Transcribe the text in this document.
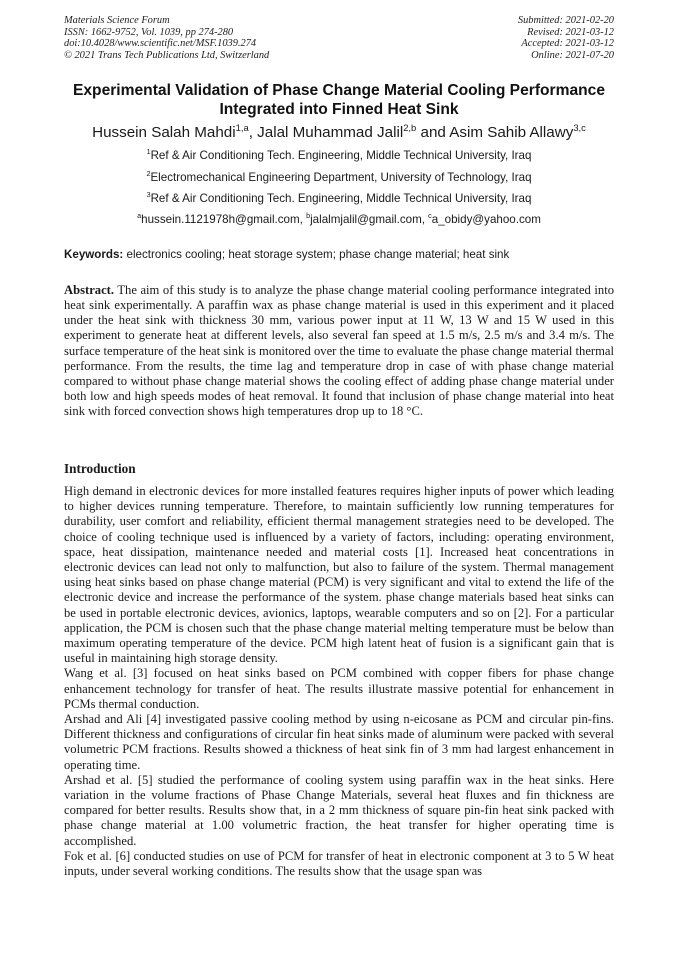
Materials Science Forum
ISSN: 1662-9752, Vol. 1039, pp 274-280
doi:10.4028/www.scientific.net/MSF.1039.274
© 2021 Trans Tech Publications Ltd, Switzerland
Submitted: 2021-02-20
Revised: 2021-03-12
Accepted: 2021-03-12
Online: 2021-07-20
Experimental Validation of Phase Change Material Cooling Performance
Integrated into Finned Heat Sink
Hussein Salah Mahdi$^{1,a}$, Jalal Muhammad Jalil$^{2,b}$ and Asim Sahib Allawy$^{3,c}$
$^1$Ref & Air Conditioning Tech. Engineering, Middle Technical University, Iraq
$^2$Electromechanical Engineering Department, University of Technology, Iraq
$^3$Ref & Air Conditioning Tech. Engineering, Middle Technical University, Iraq
$^a$hussein.1121978h@gmail.com, $^b$jalalmjalil@gmail.com, $^c$a_obidy@yahoo.com
Keywords: electronics cooling; heat storage system; phase change material; heat sink
Abstract. The aim of this study is to analyze the phase change material cooling performance integrated into heat sink experimentally. A paraffin wax as phase change material is used in this experiment and it placed under the heat sink with thickness 30 mm, various power input at 11 W, 13 W and 15 W used in this experiment to generate heat at different levels, also several fan speed at 1.5 m/s, 2.5 m/s and 3.4 m/s. The surface temperature of the heat sink is monitored over the time to evaluate the phase change material thermal performance. From the results, the time lag and temperature drop in case of with phase change material compared to without phase change material shows the cooling effect of adding phase change material under both low and high speeds modes of heat removal. It found that inclusion of phase change material into heat sink with forced convection shows high temperatures drop up to 18 °C.
Introduction

High demand in electronic devices for more installed features requires higher inputs of power which leading to higher devices running temperature. Therefore, to maintain sufficiently low running temperatures for durability, user comfort and reliability, efficient thermal management strategies need to be developed. The choice of cooling technique used is influenced by a variety of factors, including: operating environment, space, heat dissipation, maintenance needed and material costs [1]. Increased heat concentrations in electronic devices can lead not only to malfunction, but also to failure of the system. Thermal management using heat sinks based on phase change material (PCM) is very significant and vital to extend the life of the electronic device and increase the performance of the system. phase change materials based heat sinks can be used in portable electronic devices, avionics, laptops, wearable computers and so on [2]. For a particular application, the PCM is chosen such that the phase change material melting temperature must be below than maximum operating temperature of the device. PCM high latent heat of fusion is a significant gain that is useful in maintaining high storage density.

Wang et al. [3] focused on heat sinks based on PCM combined with copper fibers for phase change enhancement technology for transfer of heat. The results illustrate massive potential for enhancement in PCMs thermal conduction.

Arshad and Ali [4] investigated passive cooling method by using n-eicosane as PCM and circular pin-fins. Different thickness and configurations of circular fin heat sinks made of aluminum were packed with several volumetric PCM fractions. Results showed a thickness of heat sink fin of 3 mm had largest enhancement in operating time.

Arshad et al. [5] studied the performance of cooling system using paraffin wax in the heat sinks. Here variation in the volume fractions of Phase Change Materials, several heat fluxes and fin thickness are compared for better results. Results show that, in a 2 mm thickness of square pin-fin heat sink packed with phase change material at 1.00 volumetric fraction, the heat transfer for higher operating time is accomplished.

Fok et al. [6] conducted studies on use of PCM for transfer of heat in electronic component at 3 to 5 W heat inputs, under several working conditions. The results show that the usage span was
